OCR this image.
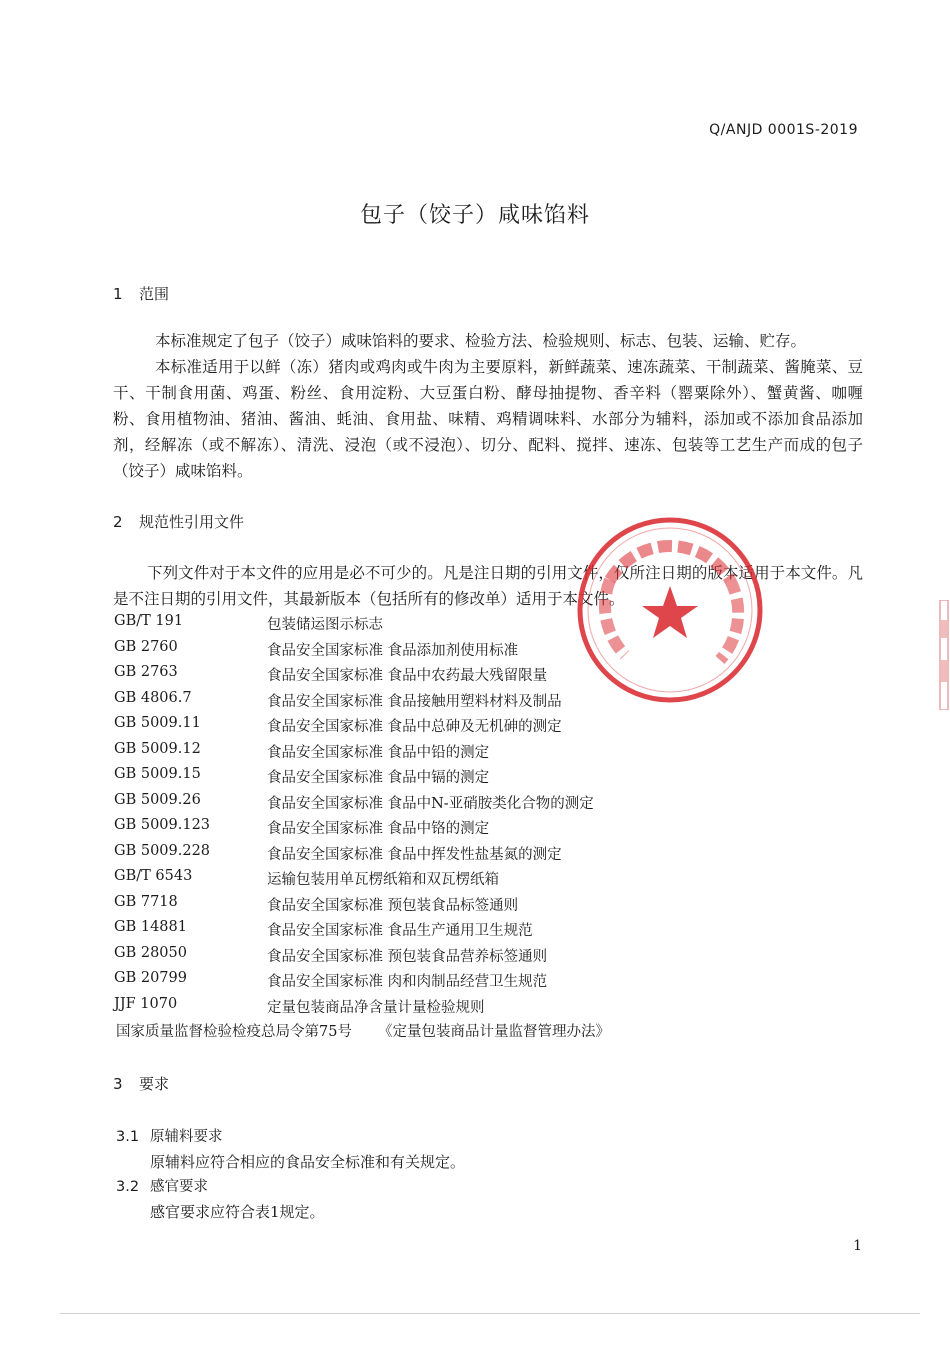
Q/ANJD 0001S-2019
包子（饺子）咸味馅料
1 范围
本标准规定了包子（饺子）咸味馅料的要求、检验方法、检验规则、标志、包装、运输、贮存。
本标准适用于以鲜（冻）猪肉或鸡肉或牛肉为主要原料，新鲜蔬菜、速冻蔬菜、干制蔬菜、酱腌菜、豆干、干制食用菌、鸡蛋、粉丝、食用淀粉、大豆蛋白粉、酵母抽提物、香辛料（罂粟除外）、蟹黄酱、咖喱粉、食用植物油、猪油、酱油、蚝油、食用盐、味精、鸡精调味料、水部分为辅料，添加或不添加食品添加剂，经解冻（或不解冻）、清洗、浸泡（或不浸泡）、切分、配料、搅拌、速冻、包装等工艺生产而成的包子（饺子）咸味馅料。
2 规范性引用文件
下列文件对于本文件的应用是必不可少的。凡是注日期的引用文件，仅所注日期的版本适用于本文件。凡是不注日期的引用文件，其最新版本（包括所有的修改单）适用于本文件。
GB/T 191	包装储运图示标志
GB 2760	食品安全国家标准 食品添加剂使用标准
GB 2763	食品安全国家标准 食品中农药最大残留限量
GB 4806.7	食品安全国家标准 食品接触用塑料材料及制品
GB 5009.11	食品安全国家标准 食品中总砷及无机砷的测定
GB 5009.12	食品安全国家标准 食品中铅的测定
GB 5009.15	食品安全国家标准 食品中镉的测定
GB 5009.26	食品安全国家标准 食品中N-亚硝胺类化合物的测定
GB 5009.123	食品安全国家标准 食品中铬的测定
GB 5009.228	食品安全国家标准 食品中挥发性盐基氮的测定
GB/T 6543	运输包装用单瓦楞纸箱和双瓦楞纸箱
GB 7718	食品安全国家标准 预包装食品标签通则
GB 14881	食品安全国家标准 食品生产通用卫生规范
GB 28050	食品安全国家标准 预包装食品营养标签通则
GB 20799	食品安全国家标准 肉和肉制品经营卫生规范
JJF 1070	定量包装商品净含量计量检验规则
国家质量监督检验检疫总局令第75号 《定量包装商品计量监督管理办法》
3 要求
3.1 原辅料要求
原辅料应符合相应的食品安全标准和有关规定。
3.2 感官要求
感官要求应符合表1规定。
1
